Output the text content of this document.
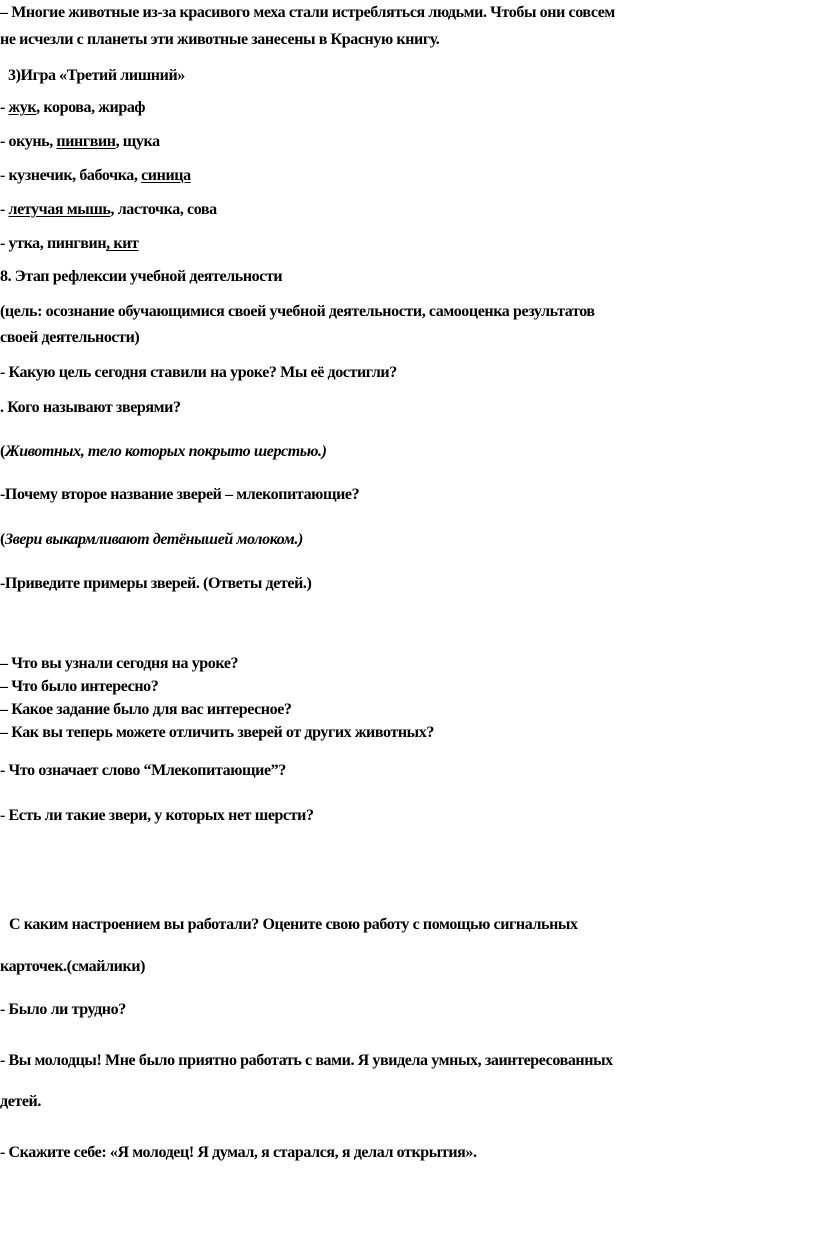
– Многие животные из-за красивого меха стали истребляться людьми. Чтобы они совсем

не исчезли с планеты эти животные занесены в Красную книгу.

3)Игра «Третий лишний»

- жук, корова, жираф

- окунь, пингвин, щука

- кузнечик, бабочка, синица

- летучая мышь, ласточка, сова

- утка, пингвин, кит

8. Этап рефлексии учебной деятельности

(цель: осознание обучающимися своей учебной деятельности, самооценка результатов

своей деятельности)

- Какую цель сегодня ставили на уроке? Мы её достигли?

. Кого называют зверями?

(Животных, тело которых покрыто шерстью.)

-Почему второе название зверей – млекопитающие?

(Звери выкармливают детёнышей молоком.)

-Приведите примеры зверей. (Ответы детей.)

– Что вы узнали сегодня на уроке?

– Что было интересно?

– Какое задание было для вас интересное?

– Как вы теперь можете отличить зверей от других животных?

- Что означает слово “Млекопитающие”?

- Есть ли такие звери, у которых нет шерсти?

С каким настроением вы работали? Оцените свою работу с помощью сигнальных

карточек.(смайлики)

- Было ли трудно?

- Вы молодцы! Мне было приятно работать с вами. Я увидела умных, заинтересованных

детей.

- Скажите себе: «Я молодец! Я думал, я старался, я делал открытия».
